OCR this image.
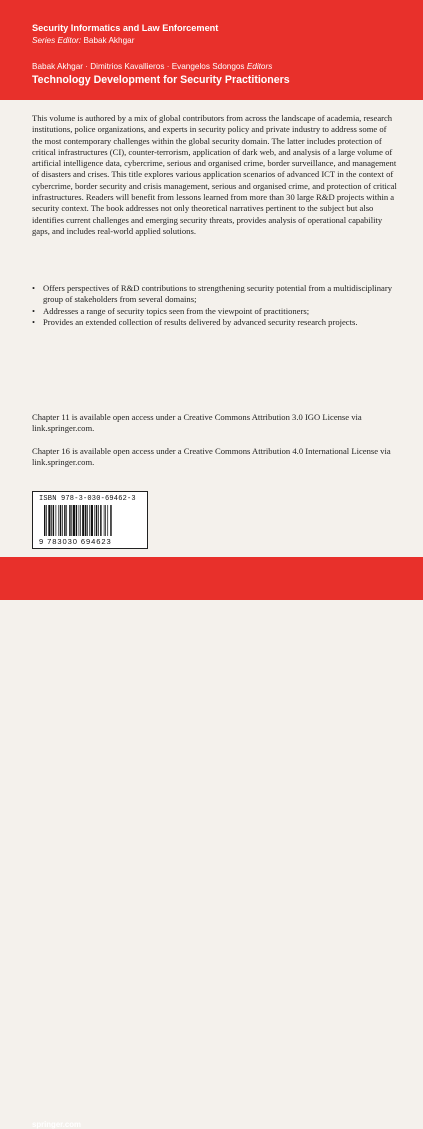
Security Informatics and Law Enforcement
Series Editor: Babak Akhgar
Babak Akhgar · Dimitrios Kavallieros · Evangelos Sdongos Editors
Technology Development for Security Practitioners

This volume is authored by a mix of global contributors from across the landscape of academia, research institutions, police organizations, and experts in security policy and private industry to address some of the most contemporary challenges within the global security domain. The latter includes protection of critical infrastructures (CI), counter-terrorism, application of dark web, and analysis of a large volume of artificial intelligence data, cybercrime, serious and organised crime, border surveillance, and management of disasters and crises. This title explores various application scenarios of advanced ICT in the context of cybercrime, border security and crisis management, serious and organised crime, and protection of critical infrastructures. Readers will benefit from lessons learned from more than 30 large R&D projects within a security context. The book addresses not only theoretical narratives pertinent to the subject but also identifies current challenges and emerging security threats, provides analysis of operational capability gaps, and includes real-world applied solutions.

• Offers perspectives of R&D contributions to strengthening security potential from a multidisciplinary group of stakeholders from several domains;
• Addresses a range of security topics seen from the viewpoint of practitioners;
• Provides an extended collection of results delivered by advanced security research projects.

Chapter 11 is available open access under a Creative Commons Attribution 3.0 IGO License via link.springer.com.

Chapter 16 is available open access under a Creative Commons Attribution 4.0 International License via link.springer.com.

ISBN 978-3-030-69462-3
9 783030 694623
springer.com
